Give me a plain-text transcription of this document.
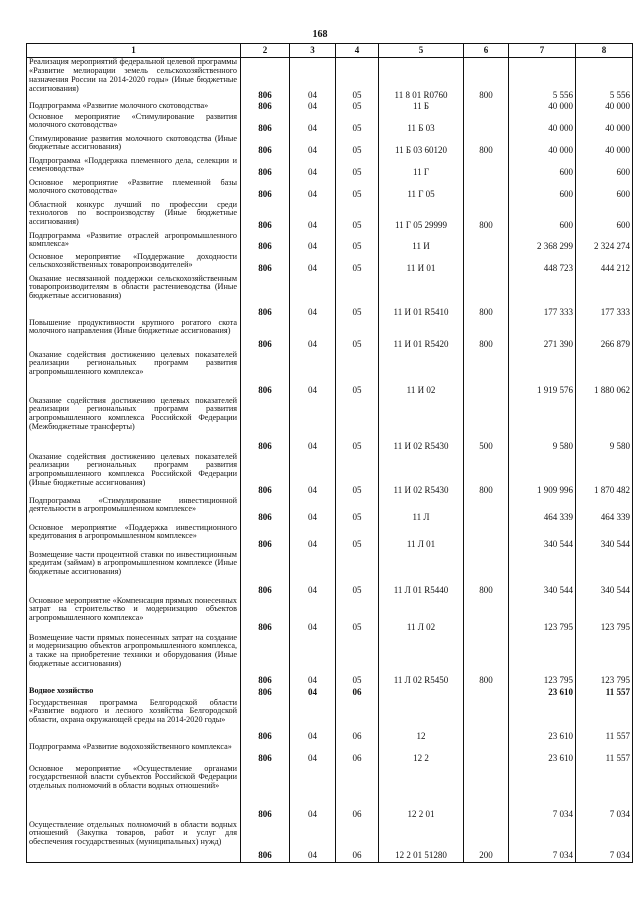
168
1	2	3	4	5	6	7	8
Реализация мероприятий федеральной целевой программы «Развитие мелиорации земель сельскохозяйственного назначения России на 2014-2020 годы» (Иные бюджетные ассигнования)	806	04	05	11 8 01 R0760	800	5 556	5 556
Подпрограмма «Развитие молочного скотоводства»	806	04	05	11 Б		40 000	40 000
Основное мероприятие «Стимулирование развития молочного скотоводства»	806	04	05	11 Б 03		40 000	40 000
Стимулирование развития молочного скотоводства (Иные бюджетные ассигнования)	806	04	05	11 Б 03 60120	800	40 000	40 000
Подпрограмма «Поддержка племенного дела, селекции и семеноводства»	806	04	05	11 Г		600	600
Основное мероприятие «Развитие племенной базы молочного скотоводства»	806	04	05	11 Г 05		600	600
Областной конкурс лучший по профессии среди технологов по воспроизводству (Иные бюджетные ассигнования)	806	04	05	11 Г 05 29999	800	600	600
Подпрограмма «Развитие отраслей агропромышленного комплекса»	806	04	05	11 И		2 368 299	2 324 274
Основное мероприятие «Поддержание доходности сельскохозяйственных товаропроизводителей»	806	04	05	11 И 01		448 723	444 212
Оказание несвязанной поддержки сельскохозяйственным товаропроизводителям в области растениеводства (Иные бюджетные ассигнования)	806	04	05	11 И 01 R5410	800	177 333	177 333
Повышение продуктивности крупного рогатого скота молочного направления (Иные бюджетные ассигнования)	806	04	05	11 И 01 R5420	800	271 390	266 879
Оказание содействия достижению целевых показателей реализации региональных программ развития агропромышленного комплекса»	806	04	05	11 И 02		1 919 576	1 880 062
Оказание содействия достижению целевых показателей реализации региональных программ развития агропромышленного комплекса Российской Федерации (Межбюджетные трансферты)	806	04	05	11 И 02 R5430	500	9 580	9 580
Оказание содействия достижению целевых показателей реализации региональных программ развития агропромышленного комплекса Российской Федерации (Иные бюджетные ассигнования)	806	04	05	11 И 02 R5430	800	1 909 996	1 870 482
Подпрограмма «Стимулирование инвестиционной деятельности в агропромышленном комплексе»	806	04	05	11 Л		464 339	464 339
Основное мероприятие «Поддержка инвестиционного кредитования в агропромышленном комплексе»	806	04	05	11 Л 01		340 544	340 544
Возмещение части процентной ставки по инвестиционным кредитам (займам) в агропромышленном комплексе (Иные бюджетные ассигнования)	806	04	05	11 Л 01 R5440	800	340 544	340 544
Основное мероприятие «Компенсация прямых понесенных затрат на строительство и модернизацию объектов агропромышленного комплекса»	806	04	05	11 Л 02		123 795	123 795
Возмещение части прямых понесенных затрат на создание и модернизацию объектов агропромышленного комплекса, а также на приобретение техники и оборудования (Иные бюджетные ассигнования)	806	04	05	11 Л 02 R5450	800	123 795	123 795
Водное хозяйство	806	04	06			23 610	11 557
Государственная программа Белгородской области «Развитие водного и лесного хозяйства Белгородской области, охрана окружающей среды на 2014-2020 годы»	806	04	06	12		23 610	11 557
Подпрограмма «Развитие водохозяйственного комплекса»	806	04	06	12 2		23 610	11 557
Основное мероприятие «Осуществление органами государственной власти субъектов Российской Федерации отдельных полномочий в области водных отношений»	806	04	06	12 2 01		7 034	7 034
Осуществление отдельных полномочий в области водных отношений (Закупка товаров, работ и услуг для обеспечения государственных (муниципальных) нужд)	806	04	06	12 2 01 51280	200	7 034	7 034
